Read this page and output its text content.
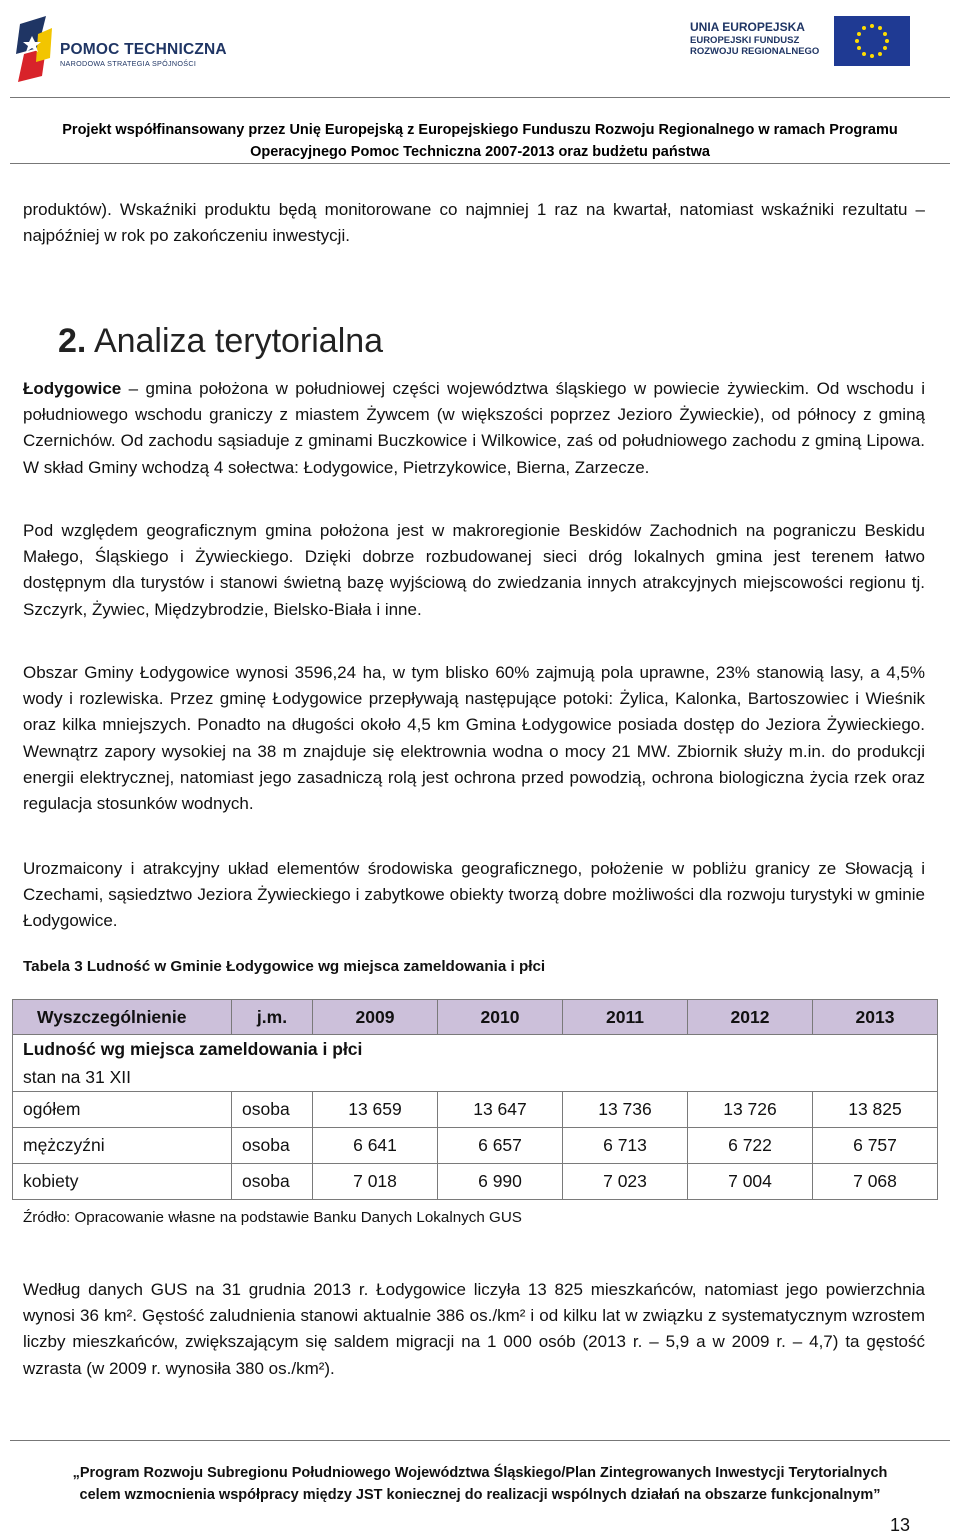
POMOC TECHNICZNA
NARODOWA STRATEGIA SPÓJNOŚCI
UNIA EUROPEJSKA
EUROPEJSKI FUNDUSZ
ROZWOJU REGIONALNEGO
Projekt współfinansowany przez Unię Europejską z Europejskiego Funduszu Rozwoju Regionalnego w ramach Programu
Operacyjnego Pomoc Techniczna 2007-2013 oraz budżetu państwa
produktów). Wskaźniki produktu będą monitorowane co najmniej 1 raz na kwartał, natomiast wskaźniki rezultatu – najpóźniej w rok po zakończeniu inwestycji.
2. Analiza terytorialna
Łodygowice – gmina położona w południowej części województwa śląskiego w powiecie żywieckim. Od wschodu i południowego wschodu graniczy z miastem Żywcem (w większości poprzez Jezioro Żywieckie), od północy z gminą Czernichów. Od zachodu sąsiaduje z gminami Buczkowice i Wilkowice, zaś od południowego zachodu z gminą Lipowa. W skład Gminy wchodzą 4 sołectwa: Łodygowice, Pietrzykowice, Bierna, Zarzecze.
Pod względem geograficznym gmina położona jest w makroregionie Beskidów Zachodnich na pograniczu Beskidu Małego, Śląskiego i Żywieckiego. Dzięki dobrze rozbudowanej sieci dróg lokalnych gmina jest terenem łatwo dostępnym dla turystów i stanowi świetną bazę wyjściową do zwiedzania innych atrakcyjnych miejscowości regionu tj. Szczyrk, Żywiec, Międzybrodzie, Bielsko-Biała i inne.
Obszar Gminy Łodygowice wynosi 3596,24 ha, w tym blisko 60% zajmują pola uprawne, 23% stanowią lasy, a 4,5% wody i rozlewiska. Przez gminę Łodygowice przepływają następujące potoki: Żylica, Kalonka, Bartoszowiec i Wieśnik oraz kilka mniejszych. Ponadto na długości około 4,5 km Gmina Łodygowice posiada dostęp do Jeziora Żywieckiego. Wewnątrz zapory wysokiej na 38 m znajduje się elektrownia wodna o mocy 21 MW. Zbiornik służy m.in. do produkcji energii elektrycznej, natomiast jego zasadniczą rolą jest ochrona przed powodzią, ochrona biologiczna życia rzek oraz regulacja stosunków wodnych.
Urozmaicony i atrakcyjny układ elementów środowiska geograficznego, położenie w pobliżu granicy ze Słowacją i Czechami, sąsiedztwo Jeziora Żywieckiego i zabytkowe obiekty tworzą dobre możliwości dla rozwoju turystyki w gminie Łodygowice.
Tabela 3 Ludność w Gminie Łodygowice wg miejsca zameldowania i płci
Wyszczególnienie	j.m.	2009	2010	2011	2012	2013

Ludność wg miejsca zameldowania i płci
stan na 31 XII						

ogółem	osoba	13 659	13 647	13 736	13 726	13 825
mężczyźni	osoba	6 641	6 657	6 713	6 722	6 757
kobiety	osoba	7 018	6 990	7 023	7 004	7 068
Źródło: Opracowanie własne na podstawie Banku Danych Lokalnych GUS
Według danych GUS na 31 grudnia 2013 r. Łodygowice liczyła 13 825 mieszkańców, natomiast jego powierzchnia wynosi 36 km². Gęstość zaludnienia stanowi aktualnie 386 os./km² i od kilku lat w związku z systematycznym wzrostem liczby mieszkańców, zwiększającym się saldem migracji na 1 000 osób (2013 r. – 5,9 a w 2009 r. – 4,7) ta gęstość wzrasta (w 2009 r. wynosiła 380 os./km²).
„Program Rozwoju Subregionu Południowego Województwa Śląskiego/Plan Zintegrowanych Inwestycji Terytorialnych
celem wzmocnienia współpracy między JST koniecznej do realizacji wspólnych działań na obszarze funkcjonalnym”
13
